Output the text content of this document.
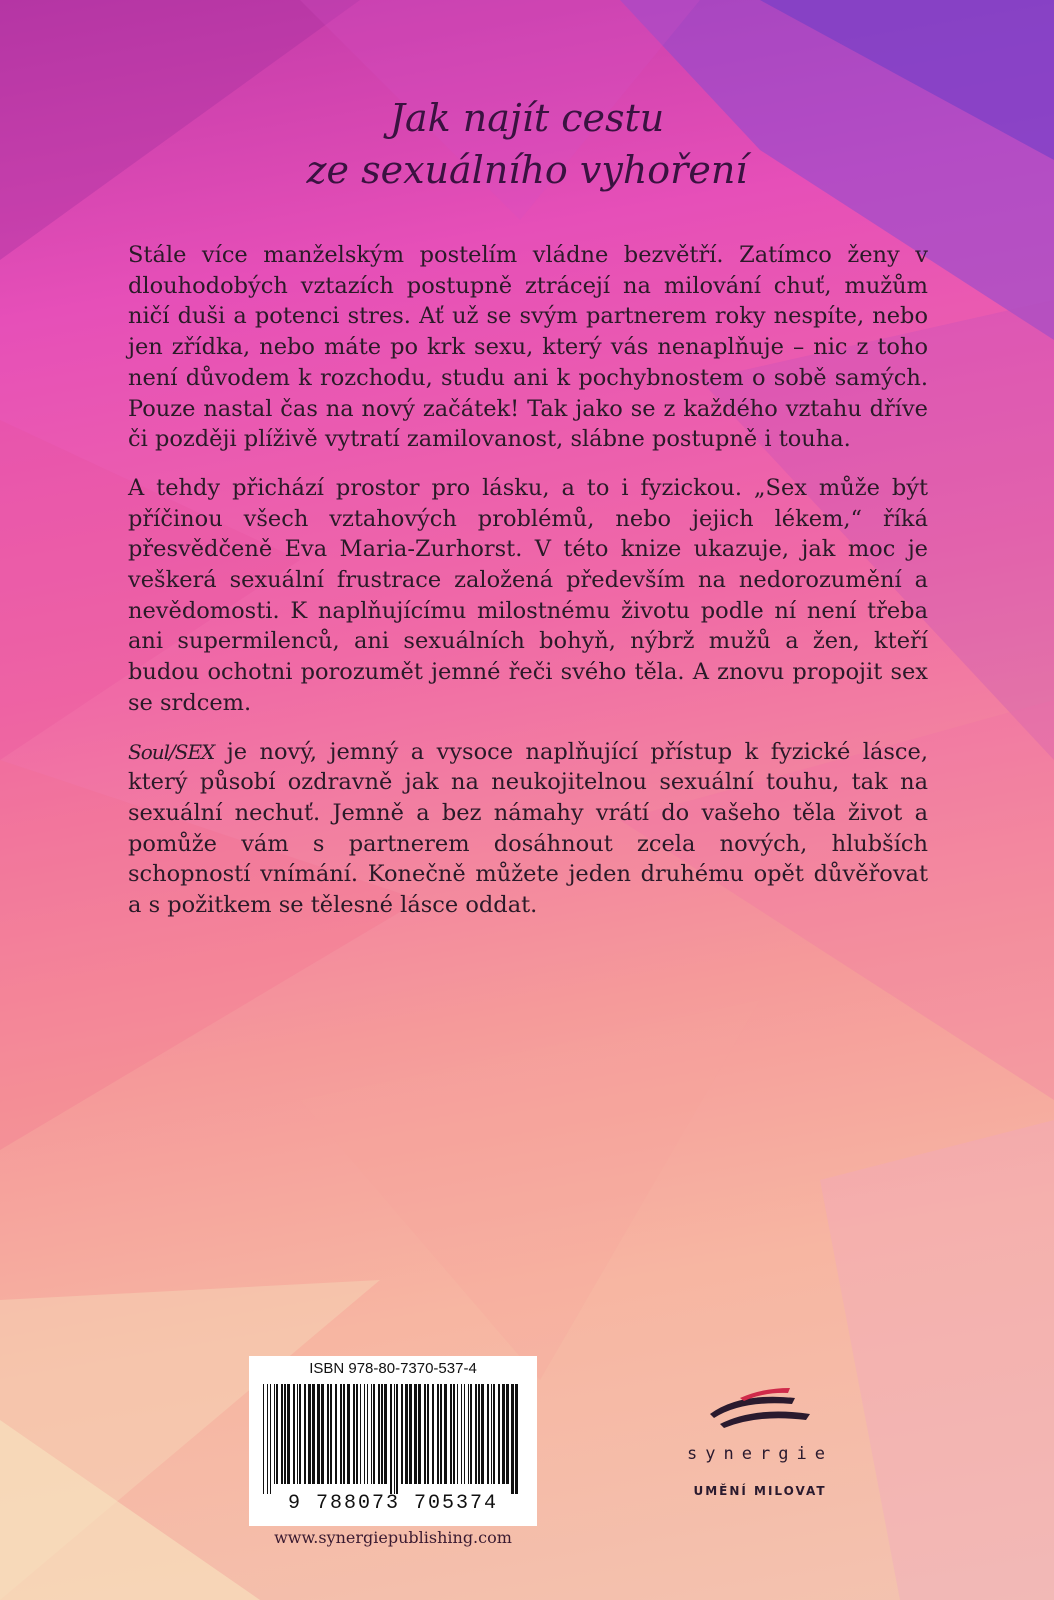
Jak najít cestu
ze sexuálního vyhoření

Stále více manželským postelím vládne bezvětří. Zatímco ženy v dlouhodobých vztazích postupně ztrácejí na milování chuť, mužům ničí duši a potenci stres. Ať už se svým partnerem roky nespíte, nebo jen zřídka, nebo máte po krk sexu, který vás nenaplňuje – nic z toho není důvodem k rozchodu, studu ani k pochybnostem o sobě samých. Pouze nastal čas na nový začátek! Tak jako se z každého vztahu dříve či později plíživě vytratí zamilovanost, slábne postupně i touha.

A tehdy přichází prostor pro lásku, a to i fyzickou. „Sex může být příčinou všech vztahových problémů, nebo jejich lékem,“ říká přesvědčeně Eva Maria-Zurhorst. V této knize ukazuje, jak moc je veškerá sexuální frustrace založená především na nedorozumění a nevědomosti. K naplňujícímu milostnému životu podle ní není třeba ani supermilenců, ani sexuálních bohyň, nýbrž mužů a žen, kteří budou ochotni porozumět jemné řeči svého těla. A znovu propojit sex se srdcem.

Soul/SEX je nový, jemný a vysoce naplňující přístup k fyzické lásce, který působí ozdravně jak na neukojitelnou sexuální touhu, tak na sexuální nechuť. Jemně a bez námahy vrátí do vašeho těla život a pomůže vám s partnerem dosáhnout zcela nových, hlubších schopností vnímání. Konečně můžete jeden druhému opět důvěřovat a s požitkem se tělesné lásce oddat.

ISBN 978-80-7370-537-4
9 788073 705374
www.synergiepublishing.com
synergie
UMĚNÍ MILOVAT
